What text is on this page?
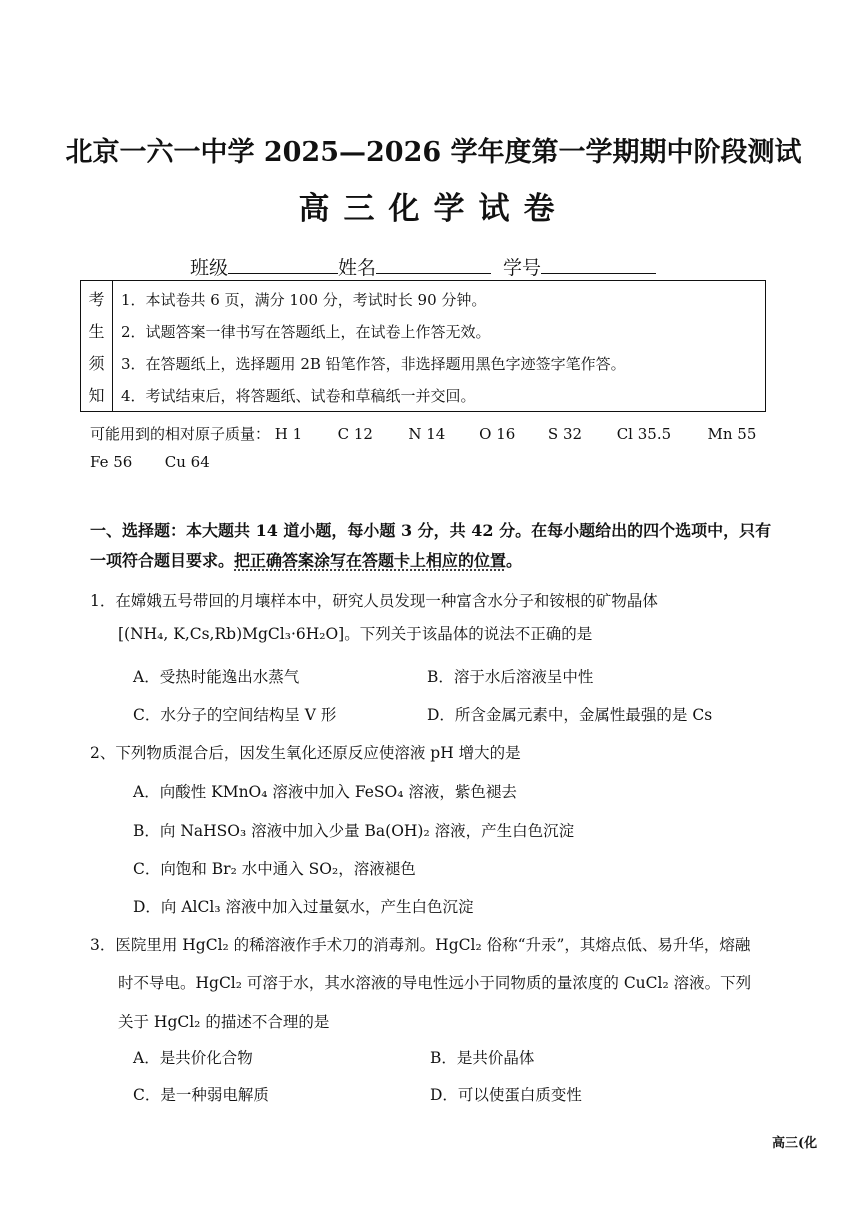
北京一六一中学 2025—2026 学年度第一学期期中阶段测试
高三化学试卷
班级	姓名	学号
考
生
须
知
1．本试卷共 6 页，满分 100 分，考试时长 90 分钟。
2．试题答案一律书写在答题纸上，在试卷上作答无效。
3．在答题纸上，选择题用 2B 铅笔作答，非选择题用黑色字迹签字笔作答。
4．考试结束后，将答题纸、试卷和草稿纸一并交回。
可能用到的相对原子质量： H 1 C 12 N 14 O 16 S 32 Cl 35.5 Mn 55
Fe 56 Cu 64
一、选择题：本大题共 14 道小题，每小题 3 分，共 42 分。在每小题给出的四个选项中，只有
一项符合题目要求。把正确答案涂写在答题卡上相应的位置。
1．在嫦娥五号带回的月壤样本中，研究人员发现一种富含水分子和铵根的矿物晶体
[(NH₄, K,Cs,Rb)MgCl₃·6H₂O]。下列关于该晶体的说法不正确的是
A．受热时能逸出水蒸气	B．溶于水后溶液呈中性
C．水分子的空间结构呈 V 形	D．所含金属元素中，金属性最强的是 Cs
2、下列物质混合后，因发生氧化还原反应使溶液 pH 增大的是
A．向酸性 KMnO₄ 溶液中加入 FeSO₄ 溶液，紫色褪去
B．向 NaHSO₃ 溶液中加入少量 Ba(OH)₂ 溶液，产生白色沉淀
C．向饱和 Br₂ 水中通入 SO₂，溶液褪色
D．向 AlCl₃ 溶液中加入过量氨水，产生白色沉淀
3．医院里用 HgCl₂ 的稀溶液作手术刀的消毒剂。HgCl₂ 俗称“升汞”，其熔点低、易升华，熔融
时不导电。HgCl₂ 可溶于水，其水溶液的导电性远小于同物质的量浓度的 CuCl₂ 溶液。下列
关于 HgCl₂ 的描述不合理的是
A．是共价化合物	B．是共价晶体
C．是一种弱电解质	D．可以使蛋白质变性
高三(化
